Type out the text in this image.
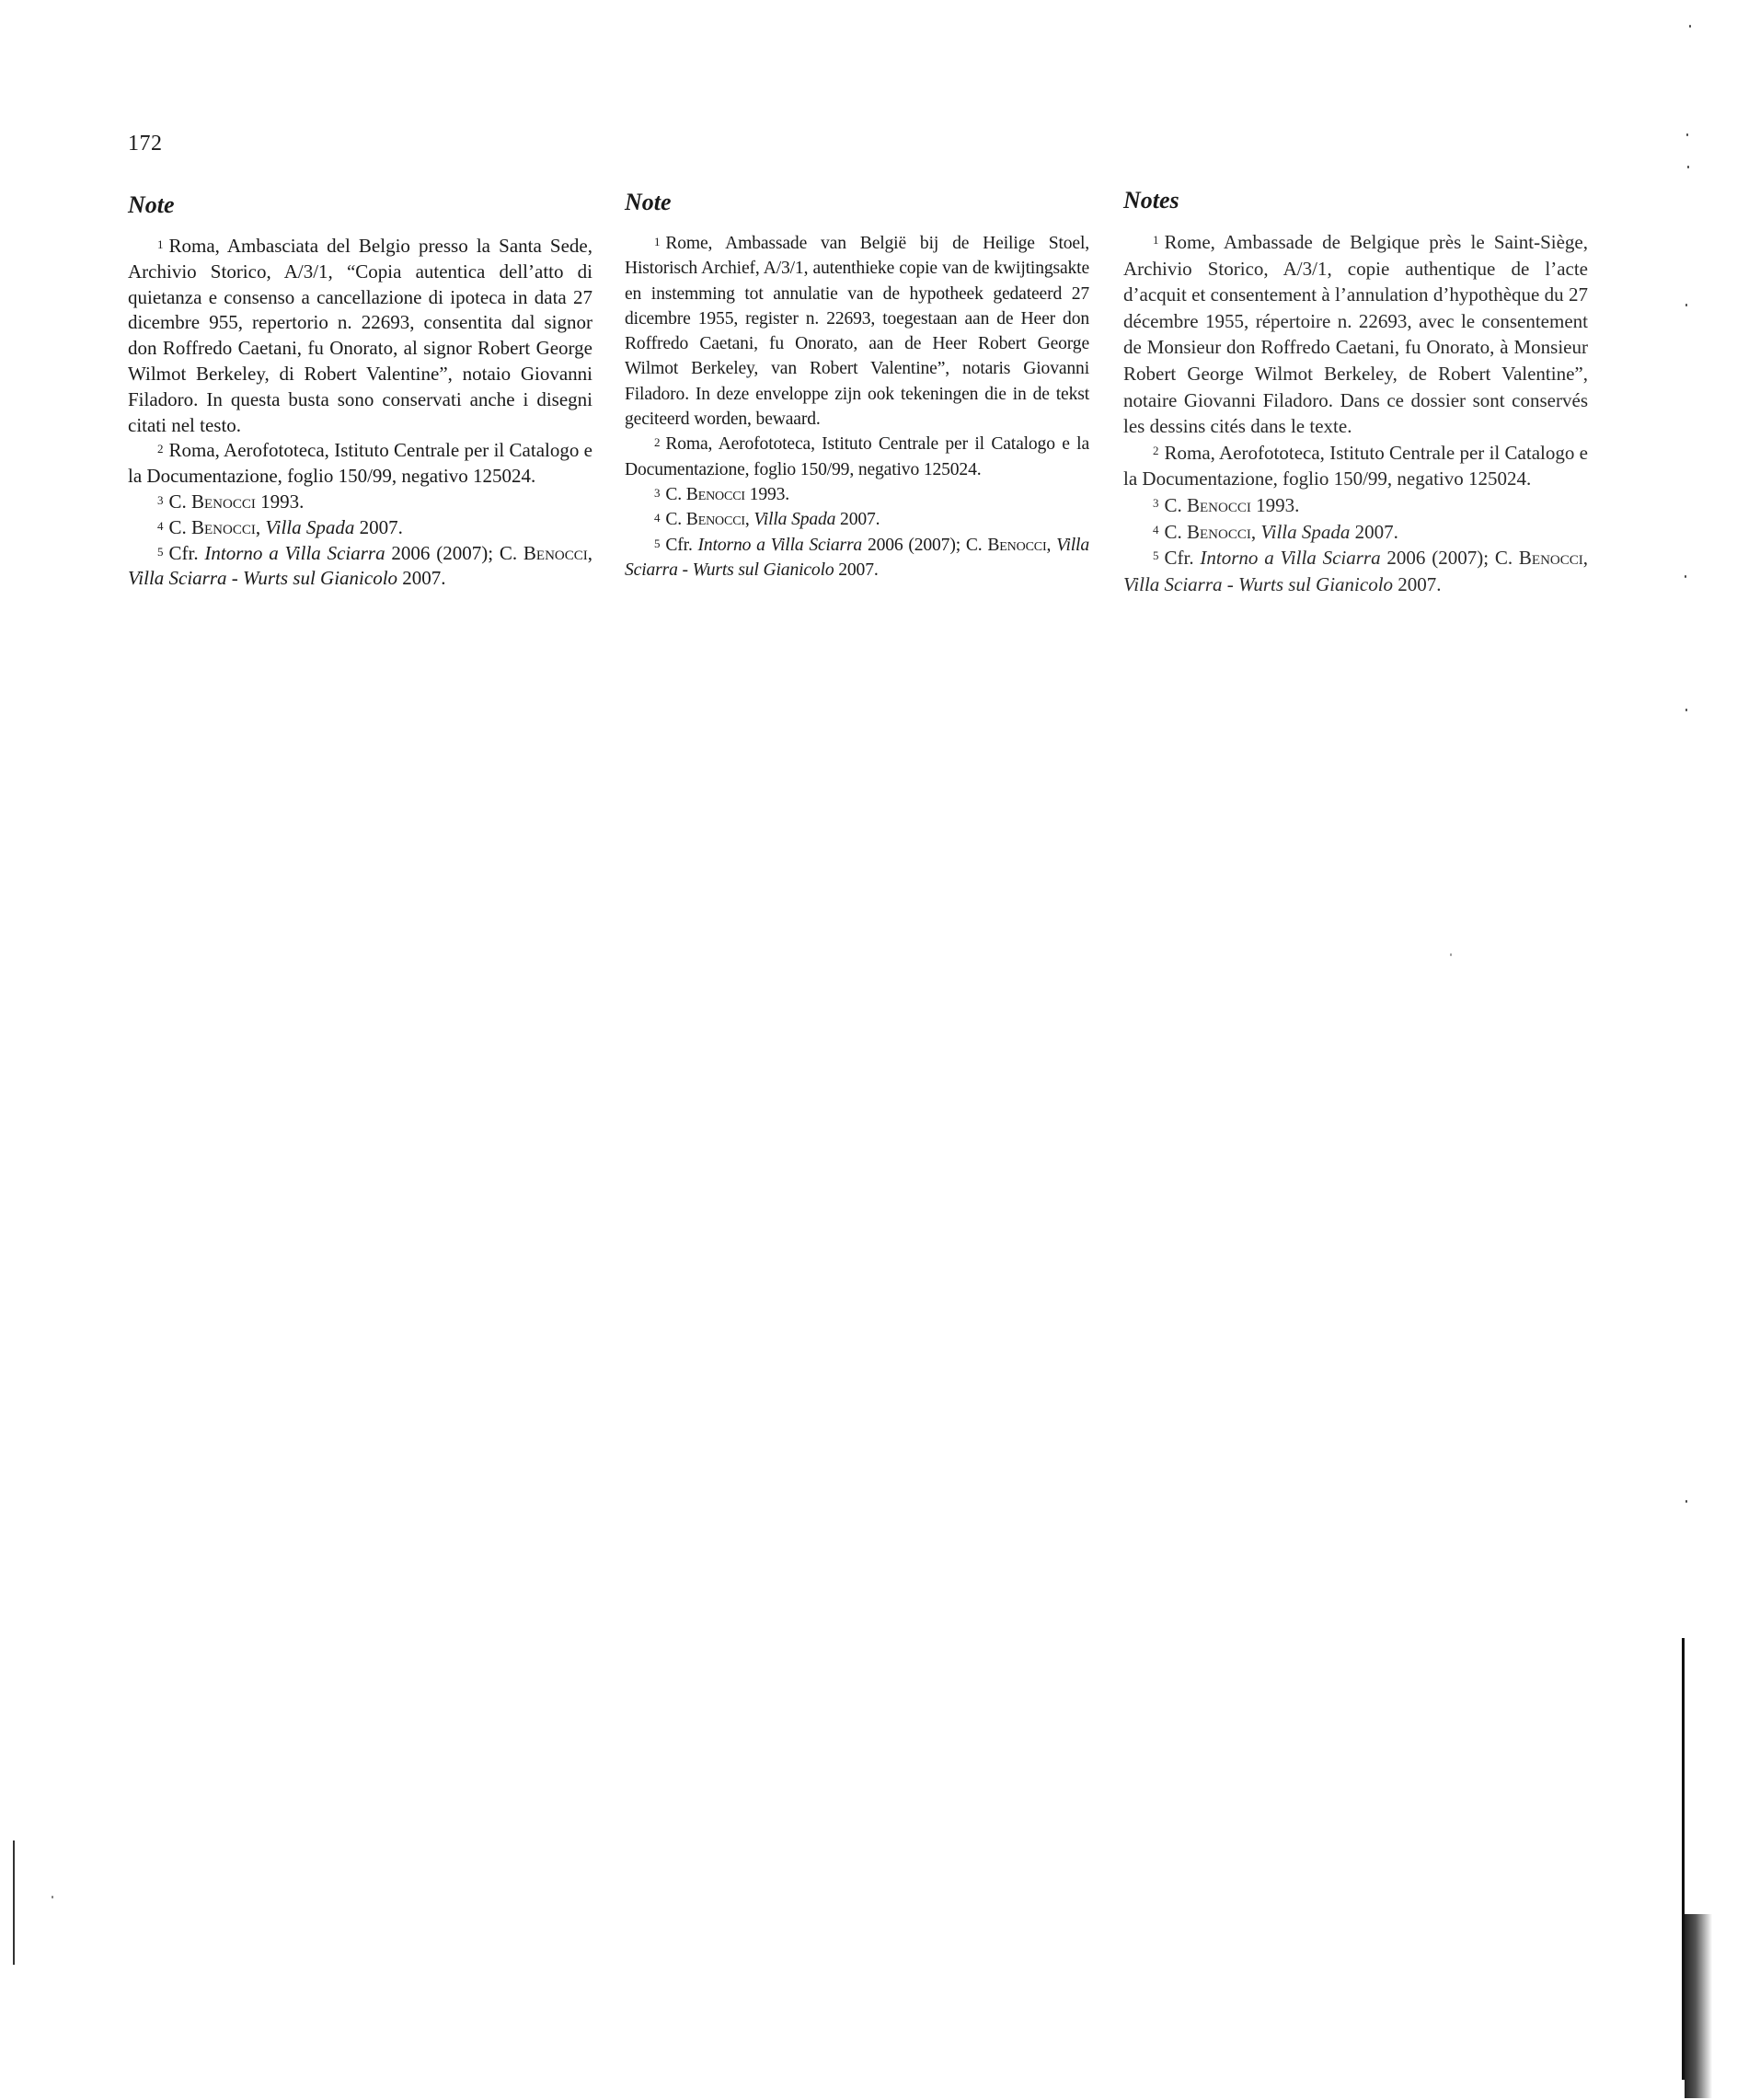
172
Note
$^1$ Roma, Ambasciata del Belgio presso la Santa Sede, Archivio Storico, A/3/1, “Copia autentica dell’atto di quietanza e consenso a cancellazione di ipoteca in data 27 dicembre 955, repertorio n. 22693, consentita dal signor don Roffredo Caetani, fu Onorato, al signor Robert George Wilmot Berkeley, di Robert Valentine”, notaio Giovanni Filadoro. In questa busta sono conservati anche i disegni citati nel testo.
$^2$ Roma, Aerofototeca, Istituto Centrale per il Catalogo e la Documentazione, foglio 150/99, negativo 125024.
$^3$ C. Benocci 1993.
$^4$ C. Benocci, Villa Spada 2007.
$^5$ Cfr. Intorno a Villa Sciarra 2006 (2007); C. Benocci, Villa Sciarra - Wurts sul Gianicolo 2007.
Note
$^1$ Rome, Ambassade van België bij de Heilige Stoel, Historisch Archief, A/3/1, autenthieke copie van de kwijtingsakte en instemming tot annulatie van de hypotheek gedateerd 27 dicembre 1955, register n. 22693, toegestaan aan de Heer don Roffredo Caetani, fu Onorato, aan de Heer Robert George Wilmot Berkeley, van Robert Valentine”, notaris Giovanni Filadoro. In deze enveloppe zijn ook tekeningen die in de tekst geciteerd worden, bewaard.
$^2$ Roma, Aerofototeca, Istituto Centrale per il Catalogo e la Documentazione, foglio 150/99, negativo 125024.
$^3$ C. Benocci 1993.
$^4$ C. Benocci, Villa Spada 2007.
$^5$ Cfr. Intorno a Villa Sciarra 2006 (2007); C. Benocci, Villa Sciarra - Wurts sul Gianicolo 2007.
Notes
$^1$ Rome, Ambassade de Belgique près le Saint-Siège, Archivio Storico, A/3/1, copie authentique de l’acte d’acquit et consentement à l’annulation d’hypothèque du 27 décembre 1955, répertoire n. 22693, avec le consentement de Monsieur don Roffredo Caetani, fu Onorato, à Monsieur Robert George Wilmot Berkeley, de Robert Valentine”, notaire Giovanni Filadoro. Dans ce dossier sont conservés les dessins cités dans le texte.
$^2$ Roma, Aerofototeca, Istituto Centrale per il Catalogo e la Documentazione, foglio 150/99, negativo 125024.
$^3$ C. Benocci 1993.
$^4$ C. Benocci, Villa Spada 2007.
$^5$ Cfr. Intorno a Villa Sciarra 2006 (2007); C. Benocci, Villa Sciarra - Wurts sul Gianicolo 2007.
